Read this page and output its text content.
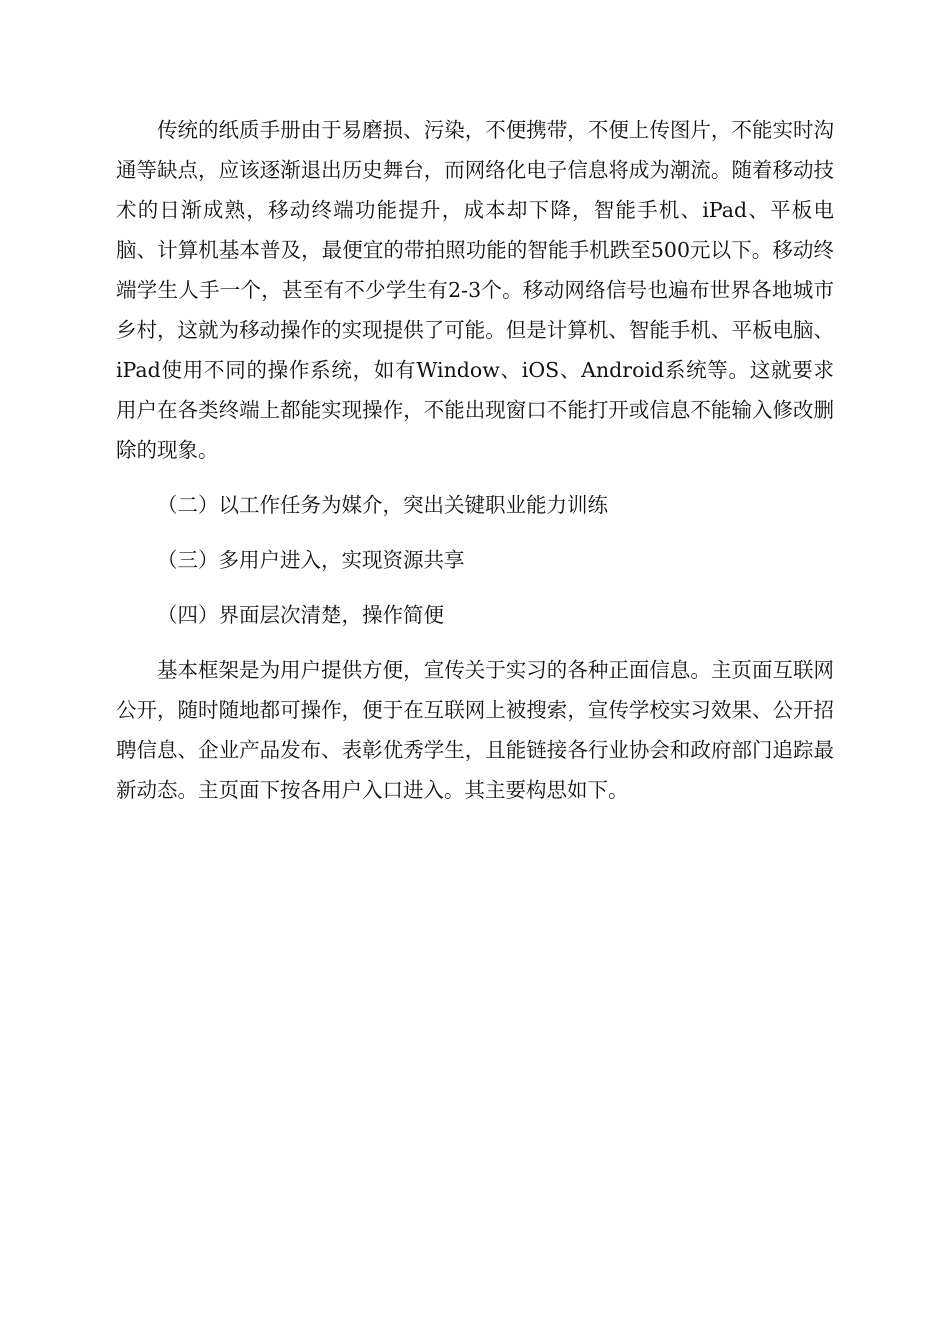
传统的纸质手册由于易磨损、污染，不便携带，不便上传图片，不能实时沟通等缺点，应该逐渐退出历史舞台，而网络化电子信息将成为潮流。随着移动技术的日渐成熟，移动终端功能提升，成本却下降，智能手机、iPad、平板电脑、计算机基本普及，最便宜的带拍照功能的智能手机跌至500元以下。移动终端学生人手一个，甚至有不少学生有2-3个。移动网络信号也遍布世界各地城市乡村，这就为移动操作的实现提供了可能。但是计算机、智能手机、平板电脑、iPad使用不同的操作系统，如有Window、iOS、Android系统等。这就要求用户在各类终端上都能实现操作，不能出现窗口不能打开或信息不能输入修改删除的现象。

（二）以工作任务为媒介，突出关键职业能力训练

（三）多用户进入，实现资源共享

（四）界面层次清楚，操作简便

基本框架是为用户提供方便，宣传关于实习的各种正面信息。主页面互联网公开，随时随地都可操作，便于在互联网上被搜索，宣传学校实习效果、公开招聘信息、企业产品发布、表彰优秀学生，且能链接各行业协会和政府部门追踪最新动态。主页面下按各用户入口进入。其主要构思如下。
